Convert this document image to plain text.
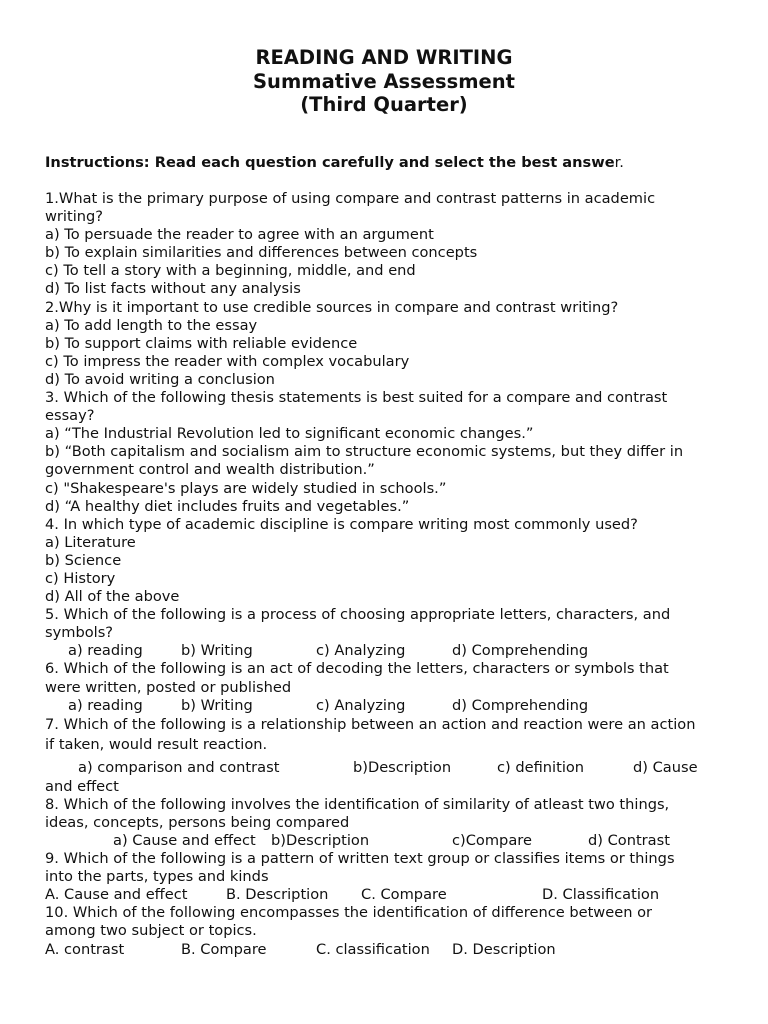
READING AND WRITING
Summative Assessment
(Third Quarter)
Instructions: Read each question carefully and select the best answer.
1.What is the primary purpose of using compare and contrast patterns in academic
writing?
a) To persuade the reader to agree with an argument
b) To explain similarities and differences between concepts
c) To tell a story with a beginning, middle, and end
d) To list facts without any analysis
2.Why is it important to use credible sources in compare and contrast writing?
a) To add length to the essay
b) To support claims with reliable evidence
c) To impress the reader with complex vocabulary
d) To avoid writing a conclusion
3. Which of the following thesis statements is best suited for a compare and contrast
essay?
a) “The Industrial Revolution led to significant economic changes.”
b) “Both capitalism and socialism aim to structure economic systems, but they differ in
government control and wealth distribution.”
c) "Shakespeare's plays are widely studied in schools.”
d) “A healthy diet includes fruits and vegetables.”
4. In which type of academic discipline is compare writing most commonly used?
a) Literature
b) Science
c) History
d) All of the above
5. Which of the following is a process of choosing appropriate letters, characters, and
symbols?
a) reading	b) Writing	c) Analyzing	d) Comprehending
6. Which of the following is an act of decoding the letters, characters or symbols that
were written, posted or published
a) reading	b) Writing	c) Analyzing	d) Comprehending
7. Which of the following is a relationship between an action and reaction were an action
if taken, would result reaction.
a) comparison and contrast	b)Description	c) definition	d) Cause
and effect
8. Which of the following involves the identification of similarity of atleast two things,
ideas, concepts, persons being compared
a) Cause and effect b)Description	c)Compare	d) Contrast
9. Which of the following is a pattern of written text group or classifies items or things
into the parts, types and kinds
A. Cause and effect	B. Description C. Compare	D. Classification
10. Which of the following encompasses the identification of difference between or
among two subject or topics.
A. contrast	B. Compare	C. classification D. Description
